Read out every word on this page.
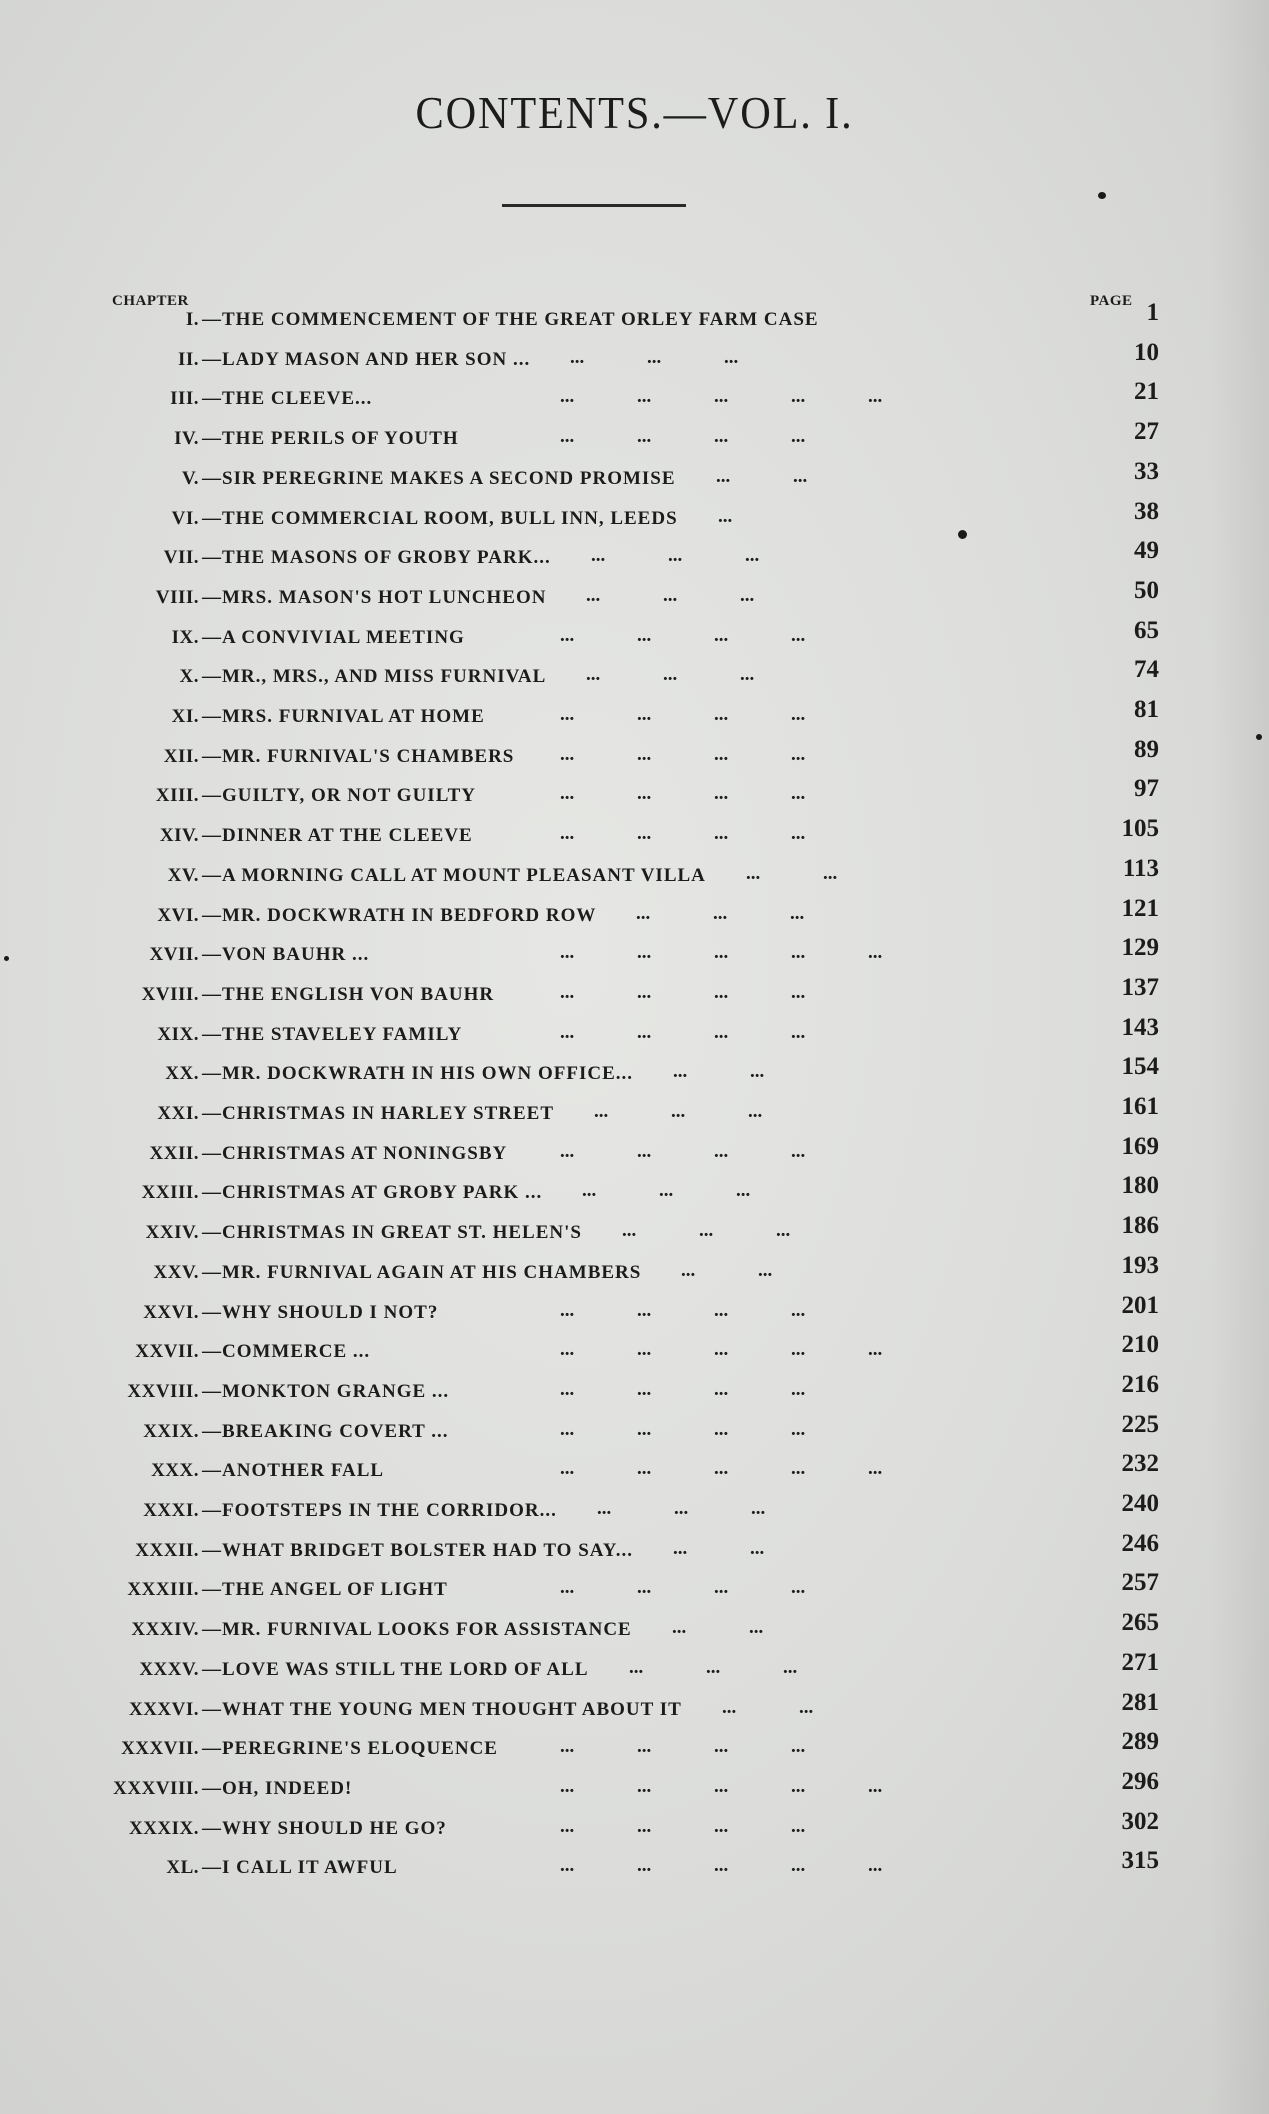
CONTENTS.—VOL. I.
CHAPTER	PAGE
I. —THE COMMENCEMENT OF THE GREAT ORLEY FARM CASE	1
II. —LADY MASON AND HER SON ... ... ... ...	10
III. —THE CLEEVE...	... ... ... ... ...	21
IV. —THE PERILS OF YOUTH	... ... ... ...	27
V. —SIR PEREGRINE MAKES A SECOND PROMISE ... ...	33
VI. —THE COMMERCIAL ROOM, BULL INN, LEEDS ...	38
VII. —THE MASONS OF GROBY PARK... ... ... ...	49
VIII. —MRS. MASON'S HOT LUNCHEON ... ... ...	50
IX. —A CONVIVIAL MEETING	... ... ... ...	65
X. —MR., MRS., AND MISS FURNIVAL ... ... ...	74
XI. —MRS. FURNIVAL AT HOME	... ... ... ...	81
XII. —MR. FURNIVAL'S CHAMBERS ... ... ... ...	89
XIII. —GUILTY, OR NOT GUILTY	... ... ... ...	97
XIV. —DINNER AT THE CLEEVE	... ... ... ...	105
XV. —A MORNING CALL AT MOUNT PLEASANT VILLA ... ...	113
XVI. —MR. DOCKWRATH IN BEDFORD ROW ... ... ...	121
XVII. —VON BAUHR ...	... ... ... ... ...	129
XVIII. —THE ENGLISH VON BAUHR	... ... ... ...	137
XIX. —THE STAVELEY FAMILY	... ... ... ...	143
XX. —MR. DOCKWRATH IN HIS OWN OFFICE... ... ...	154
XXI. —CHRISTMAS IN HARLEY STREET ... ... ...	161
XXII. —CHRISTMAS AT NONINGSBY	... ... ... ...	169
XXIII. —CHRISTMAS AT GROBY PARK ... ... ... ...	180
XXIV. —CHRISTMAS IN GREAT ST. HELEN'S ... ... ...	186
XXV. —MR. FURNIVAL AGAIN AT HIS CHAMBERS ... ...	193
XXVI. —WHY SHOULD I NOT?	... ... ... ...	201
XXVII. —COMMERCE ...	... ... ... ... ...	210
XXVIII. —MONKTON GRANGE ...	... ... ... ...	216
XXIX. —BREAKING COVERT ...	... ... ... ...	225
XXX. —ANOTHER FALL	... ... ... ... ...	232
XXXI. —FOOTSTEPS IN THE CORRIDOR... ... ... ...	240
XXXII. —WHAT BRIDGET BOLSTER HAD TO SAY... ... ...	246
XXXIII. —THE ANGEL OF LIGHT	... ... ... ...	257
XXXIV. —MR. FURNIVAL LOOKS FOR ASSISTANCE ... ...	265
XXXV. —LOVE WAS STILL THE LORD OF ALL ... ... ...	271
XXXVI. —WHAT THE YOUNG MEN THOUGHT ABOUT IT ... ...	281
XXXVII. —PEREGRINE'S ELOQUENCE	... ... ... ...	289
XXXVIII. —OH, INDEED!	... ... ... ... ...	296
XXXIX. —WHY SHOULD HE GO?	... ... ... ...	302
XL. —I CALL IT AWFUL	... ... ... ... ...	315
